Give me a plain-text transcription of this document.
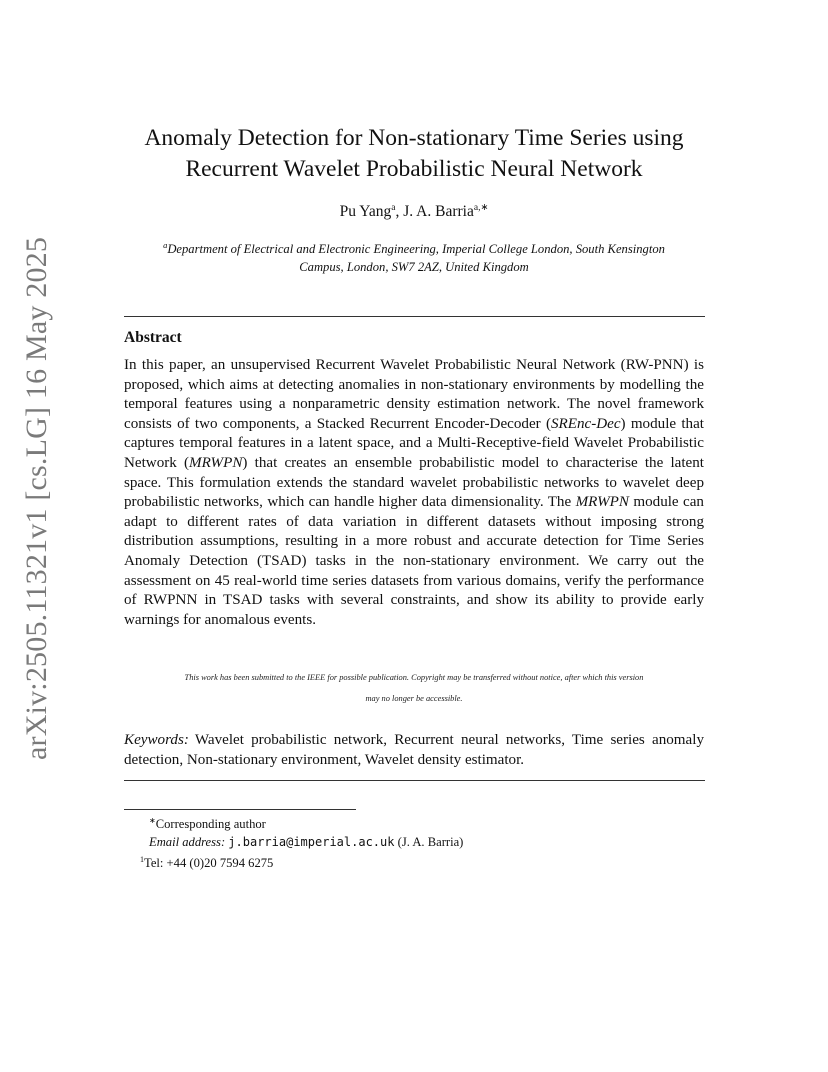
arXiv:2505.11321v1 [cs.LG] 16 May 2025
Anomaly Detection for Non-stationary Time Series using
Recurrent Wavelet Probabilistic Neural Network
Pu Yang$^a$, J. A. Barria$^{a,∗}$
$^a$Department of Electrical and Electronic Engineering, Imperial College London, South Kensington
Campus, London, SW7 2AZ, United Kingdom
Abstract

In this paper, an unsupervised Recurrent Wavelet Probabilistic Neural Network (RW-PNN) is proposed, which aims at detecting anomalies in non-stationary environments by modelling the temporal features using a nonparametric density estimation network. The novel framework consists of two components, a Stacked Recurrent Encoder-Decoder (SREnc-Dec) module that captures temporal features in a latent space, and a Multi-Receptive-field Wavelet Probabilistic Network (MRWPN) that creates an ensemble probabilistic model to characterise the latent space. This formulation extends the standard wavelet probabilistic networks to wavelet deep probabilistic networks, which can handle higher data dimensionality. The MRWPN module can adapt to different rates of data variation in different datasets without imposing strong distribution assumptions, resulting in a more robust and accurate detection for Time Series Anomaly Detection (TSAD) tasks in the non-stationary environment. We carry out the assessment on 45 real-world time series datasets from various domains, verify the performance of RWPNN in TSAD tasks with several constraints, and show its ability to provide early warnings for anomalous events.

This work has been submitted to the IEEE for possible publication. Copyright may be transferred without notice, after which this version
may no longer be accessible.

Keywords: Wavelet probabilistic network, Recurrent neural networks, Time series anomaly detection, Non-stationary environment, Wavelet density estimator.

∗Corresponding author
Email address: j.barria@imperial.ac.uk (J. A. Barria)
$^1$Tel: +44 (0)20 7594 6275
